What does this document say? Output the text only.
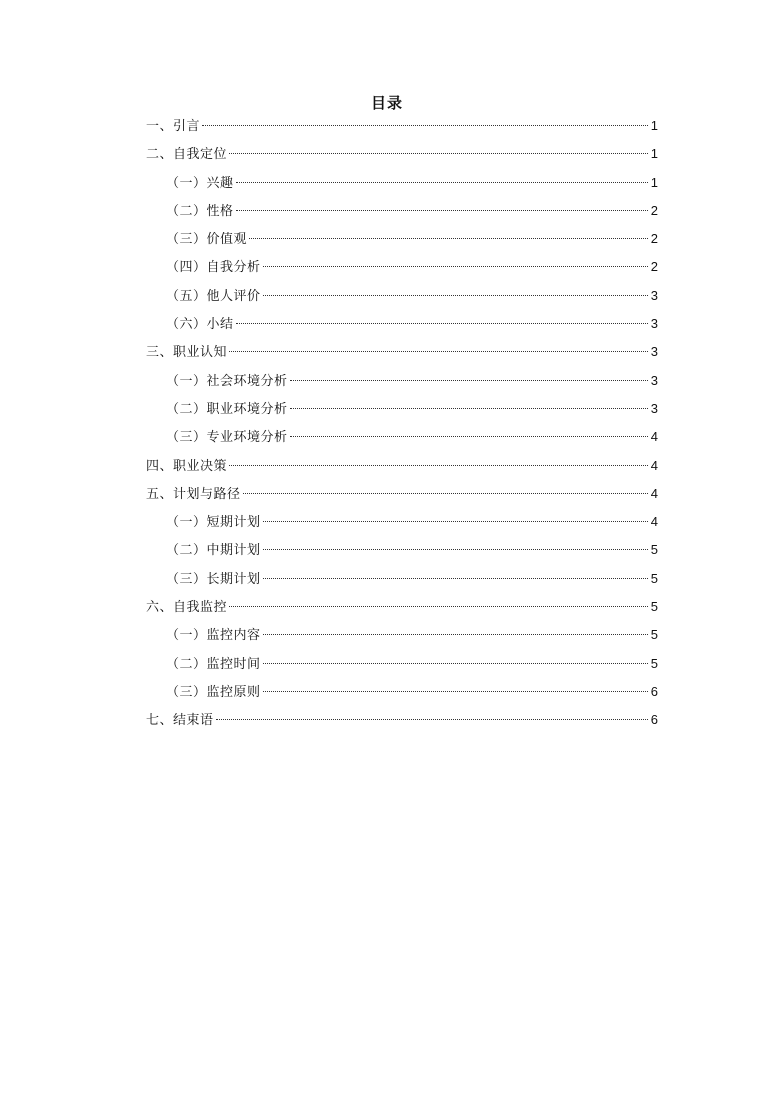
目录
一、引言	1
二、自我定位	1
（一）兴趣	1
（二）性格	2
（三）价值观	2
（四）自我分析	2
（五）他人评价	3
（六）小结	3
三、职业认知	3
（一）社会环境分析	3
（二）职业环境分析	3
（三）专业环境分析	4
四、职业决策	4
五、计划与路径	4
（一）短期计划	4
（二）中期计划	5
（三）长期计划	5
六、自我监控	5
（一）监控内容	5
（二）监控时间	5
（三）监控原则	6
七、结束语	6
